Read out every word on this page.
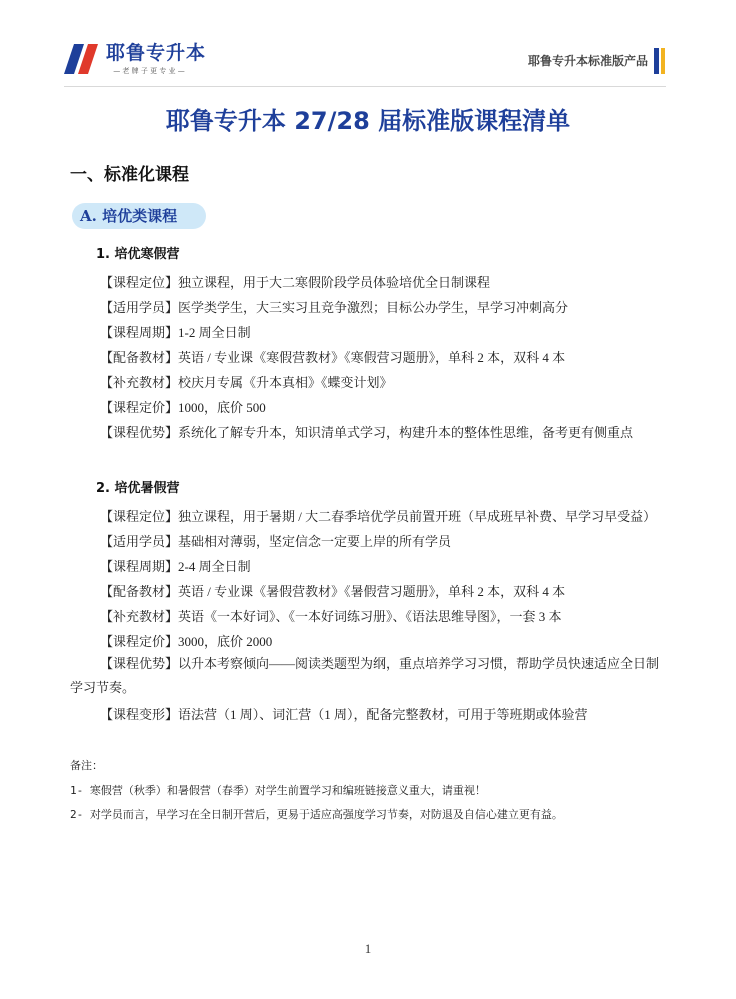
耶鲁专升本
— 老 牌 子 更 专 业 —
耶鲁专升本标准版产品
耶鲁专升本 27/28 届标准版课程清单
一、标准化课程
A. 培优类课程
1. 培优寒假营
【课程定位】独立课程，用于大二寒假阶段学员体验培优全日制课程
【适用学员】医学类学生，大三实习且竞争激烈；目标公办学生，早学习冲刺高分
【课程周期】1-2 周全日制
【配备教材】英语 / 专业课《寒假营教材》《寒假营习题册》，单科 2 本，双科 4 本
【补充教材】校庆月专属《升本真相》《蝶变计划》
【课程定价】1000，底价 500
【课程优势】系统化了解专升本，知识清单式学习，构建升本的整体性思维，备考更有侧重点
2. 培优暑假营
【课程定位】独立课程，用于暑期 / 大二春季培优学员前置开班（早成班早补费、早学习早受益）
【适用学员】基础相对薄弱，坚定信念一定要上岸的所有学员
【课程周期】2-4 周全日制
【配备教材】英语 / 专业课《暑假营教材》《暑假营习题册》，单科 2 本，双科 4 本
【补充教材】英语《一本好词》、《一本好词练习册》、《语法思维导图》，一套 3 本
【课程定价】3000，底价 2000
【课程优势】以升本考察倾向——阅读类题型为纲，重点培养学习习惯，帮助学员快速适应全日制学习节奏。
【课程变形】语法营（1 周）、词汇营（1 周），配备完整教材，可用于等班期或体验营
备注：
1- 寒假营（秋季）和暑假营（春季）对学生前置学习和编班链接意义重大，请重视！
2- 对学员而言，早学习在全日制开营后，更易于适应高强度学习节奏，对防退及自信心建立更有益。
1
